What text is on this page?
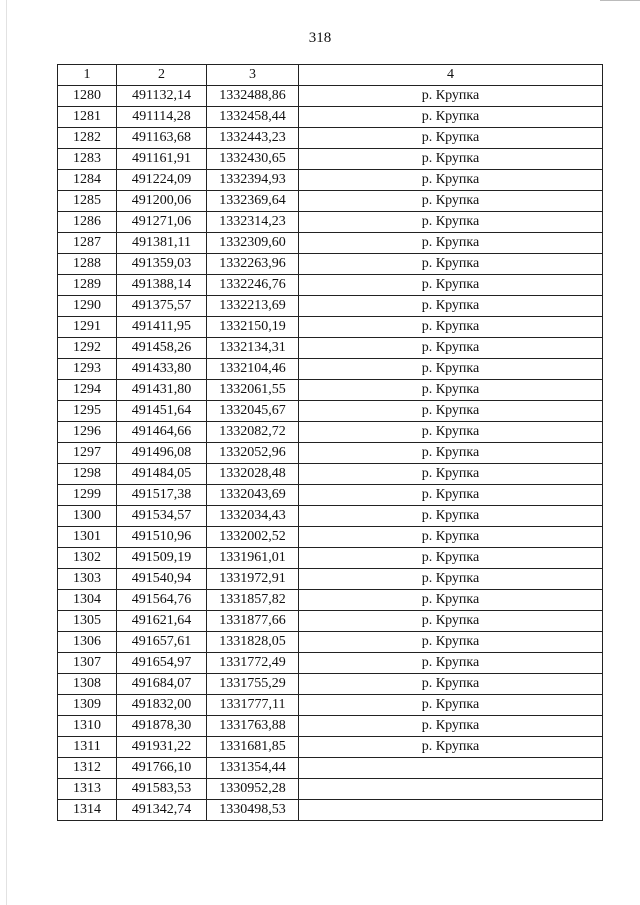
318
1	2	3	4
1280	491132,14	1332488,86	р. Крупка
1281	491114,28	1332458,44	р. Крупка
1282	491163,68	1332443,23	р. Крупка
1283	491161,91	1332430,65	р. Крупка
1284	491224,09	1332394,93	р. Крупка
1285	491200,06	1332369,64	р. Крупка
1286	491271,06	1332314,23	р. Крупка
1287	491381,11	1332309,60	р. Крупка
1288	491359,03	1332263,96	р. Крупка
1289	491388,14	1332246,76	р. Крупка
1290	491375,57	1332213,69	р. Крупка
1291	491411,95	1332150,19	р. Крупка
1292	491458,26	1332134,31	р. Крупка
1293	491433,80	1332104,46	р. Крупка
1294	491431,80	1332061,55	р. Крупка
1295	491451,64	1332045,67	р. Крупка
1296	491464,66	1332082,72	р. Крупка
1297	491496,08	1332052,96	р. Крупка
1298	491484,05	1332028,48	р. Крупка
1299	491517,38	1332043,69	р. Крупка
1300	491534,57	1332034,43	р. Крупка
1301	491510,96	1332002,52	р. Крупка
1302	491509,19	1331961,01	р. Крупка
1303	491540,94	1331972,91	р. Крупка
1304	491564,76	1331857,82	р. Крупка
1305	491621,64	1331877,66	р. Крупка
1306	491657,61	1331828,05	р. Крупка
1307	491654,97	1331772,49	р. Крупка
1308	491684,07	1331755,29	р. Крупка
1309	491832,00	1331777,11	р. Крупка
1310	491878,30	1331763,88	р. Крупка
1311	491931,22	1331681,85	р. Крупка
1312	491766,10	1331354,44	
1313	491583,53	1330952,28	
1314	491342,74	1330498,53	
